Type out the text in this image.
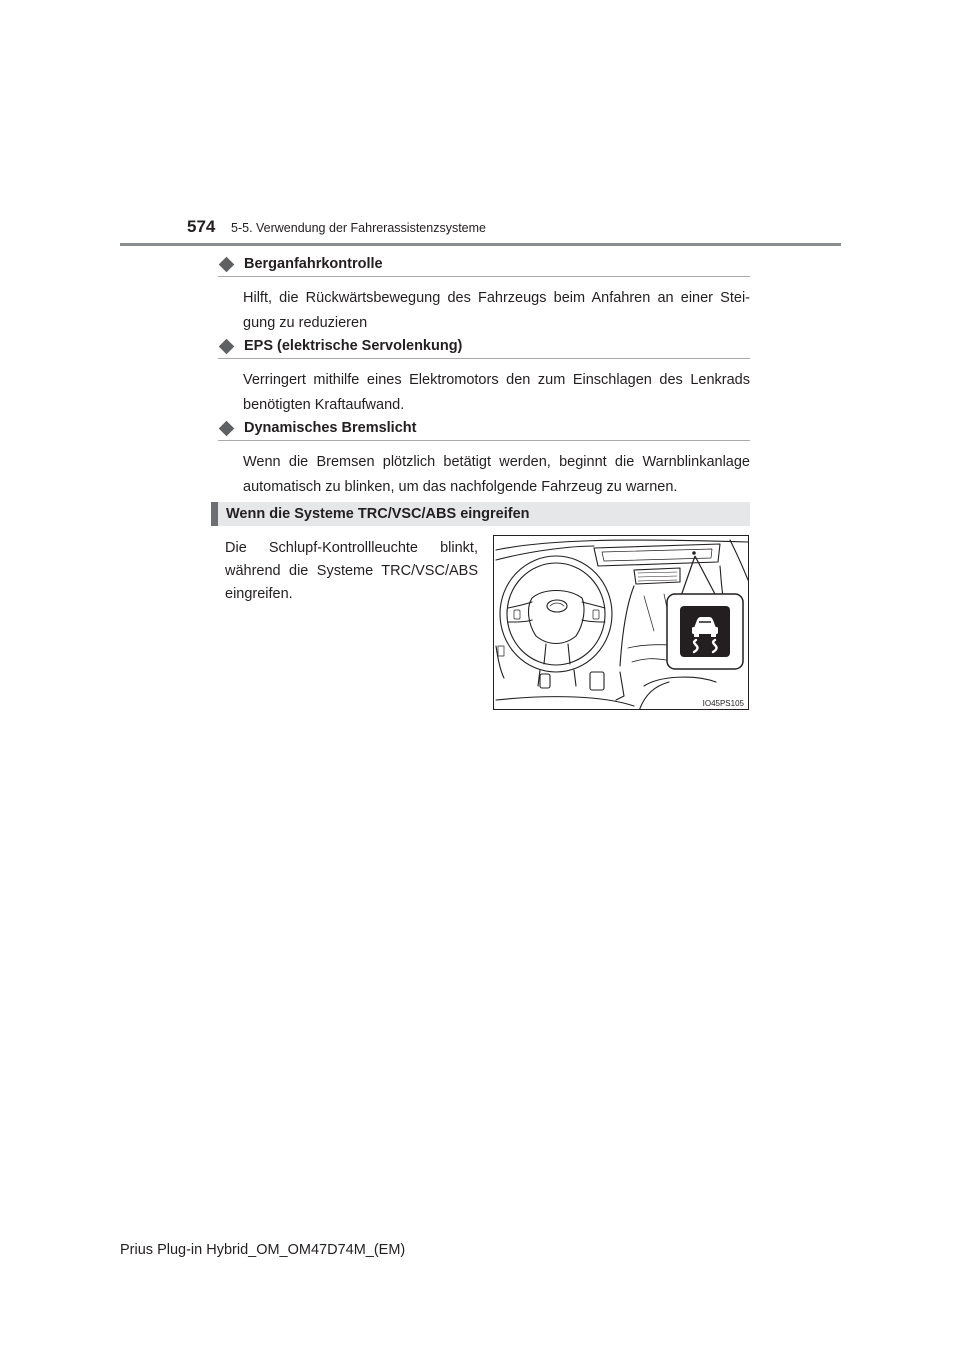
574 5-5. Verwendung der Fahrerassistenzsysteme
Berganfahrkontrolle
Hilft, die Rückwärtsbewegung des Fahrzeugs beim Anfahren an einer Stei-gung zu reduzieren
EPS (elektrische Servolenkung)
Verringert mithilfe eines Elektromotors den zum Einschlagen des Lenkrads benötigten Kraftaufwand.
Dynamisches Bremslicht
Wenn die Bremsen plötzlich betätigt werden, beginnt die Warnblinkanlage automatisch zu blinken, um das nachfolgende Fahrzeug zu warnen.
Wenn die Systeme TRC/VSC/ABS eingreifen
Die Schlupf-Kontrollleuchte blinkt, während die Systeme TRC/VSC/ABS eingreifen.
IO45PS105
Prius Plug-in Hybrid_OM_OM47D74M_(EM)
